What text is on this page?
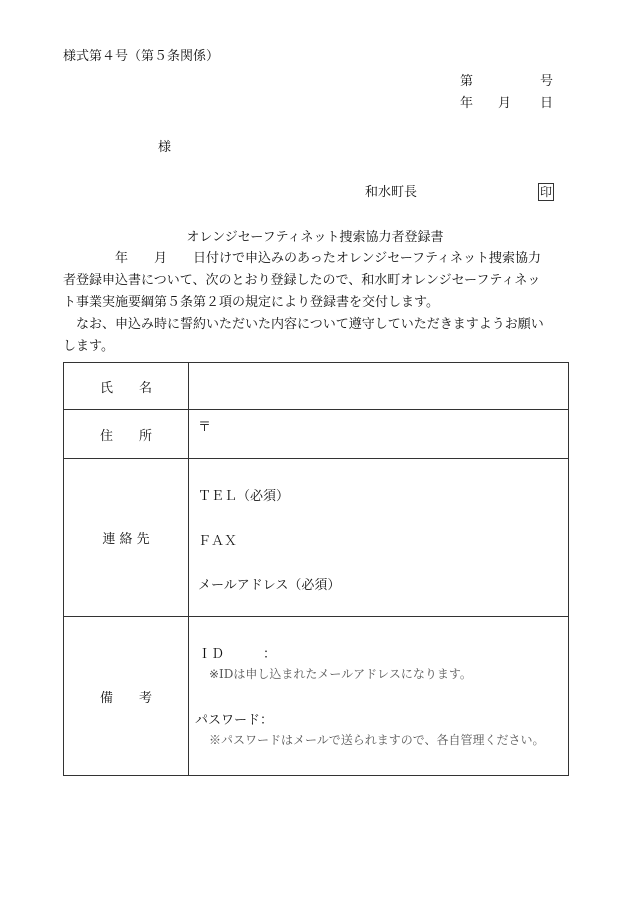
様式第４号（第５条関係）
第	号
年 月 日
様
和水町長	印
オレンジセーフティネット捜索協力者登録書
　　　　年　　月　　日付けで申込みのあったオレンジセーフティネット捜索協力
者登録申込書について、次のとおり登録したので、和水町オレンジセーフティネッ
ト事業実施要綱第５条第２項の規定により登録書を交付します。
　なお、申込み時に誓約いただいた内容について遵守していただきますようお願い
します。
氏　　名	
住　　所	〒

連 絡 先	ＴＥＬ（必須）
ＦＡＸ
メールアドレス（必須）

備　　考	ＩＤ　　　：
※IDは申し込まれたメールアドレスになります。
パスワード：
※パスワードはメールで送られますので、各自管理ください。
